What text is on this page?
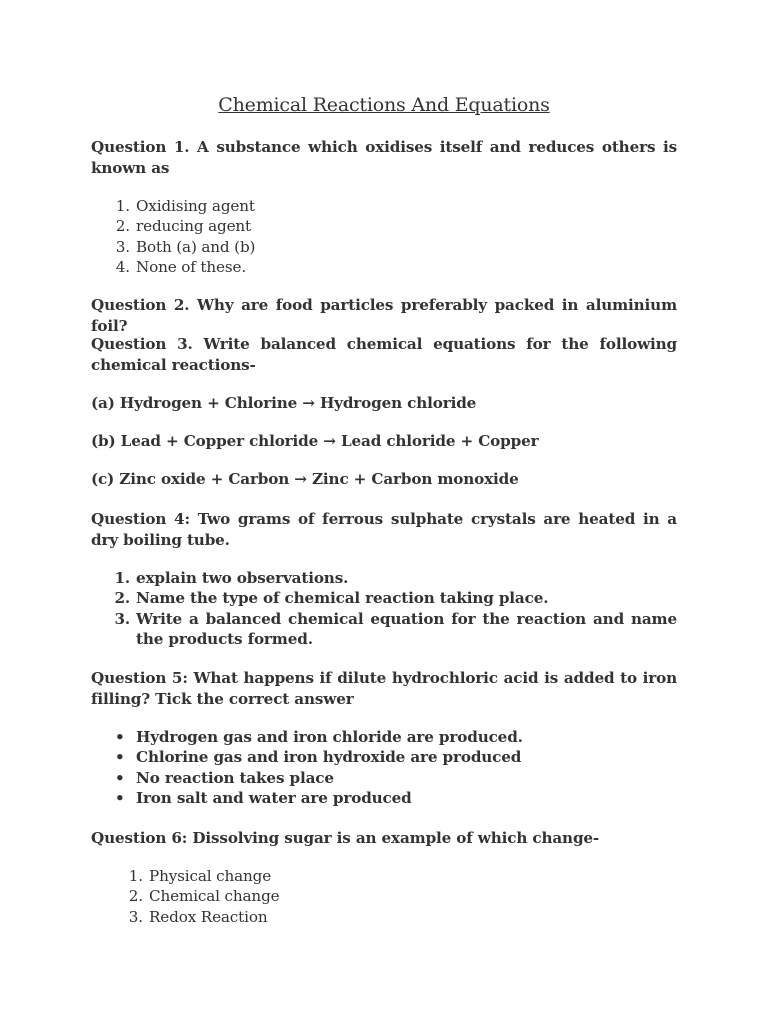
Chemical Reactions And Equations

Question 1. A substance which oxidises itself and reduces others is known as

1. Oxidising agent
2. reducing agent
3. Both (a) and (b)
4. None of these.

Question 2. Why are food particles preferably packed in aluminium foil?

Question 3. Write balanced chemical equations for the following chemical reactions-

(a) Hydrogen + Chlorine → Hydrogen chloride

(b) Lead + Copper chloride → Lead chloride + Copper

(c) Zinc oxide + Carbon → Zinc + Carbon monoxide

Question 4: Two grams of ferrous sulphate crystals are heated in a dry boiling tube.

1. explain two observations.
2. Name the type of chemical reaction taking place.
3. Write a balanced chemical equation for the reaction and name the products formed.

Question 5: What happens if dilute hydrochloric acid is added to iron filling? Tick the correct answer

• Hydrogen gas and iron chloride are produced.
• Chlorine gas and iron hydroxide are produced
• No reaction takes place
• Iron salt and water are produced

Question 6: Dissolving sugar is an example of which change-

1. Physical change
2. Chemical change
3. Redox Reaction
